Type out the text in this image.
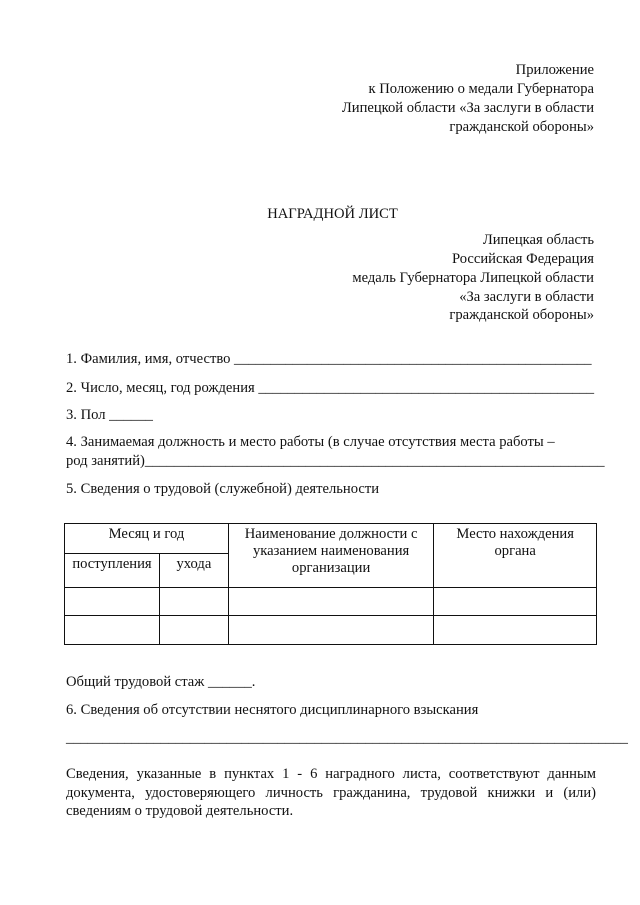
Приложение
к Положению о медали Губернатора
Липецкой области «За заслуги в области
гражданской обороны»
НАГРАДНОЙ ЛИСТ
Липецкая область
Российская Федерация
медаль Губернатора Липецкой области
«За заслуги в области
гражданской обороны»
1. Фамилия, имя, отчество _________________________________________________
2. Число, месяц, год рождения ______________________________________________
3. Пол ______
4. Занимаемая должность и место работы (в случае отсутствия места работы –
род занятий)_______________________________________________________________
5. Сведения о трудовой (служебной) деятельности
Месяц и год		Наименование должности с указанием наименования организации	Место нахождения органа
поступления	ухода		

Общий трудовой стаж ______.
6. Сведения об отсутствии неснятого дисциплинарного взыскания
_____________________________________________________________________________
Сведения, указанные в пунктах 1 - 6 наградного листа, соответствуют данным документа, удостоверяющего личность гражданина, трудовой книжки и (или) сведениям о трудовой деятельности.
